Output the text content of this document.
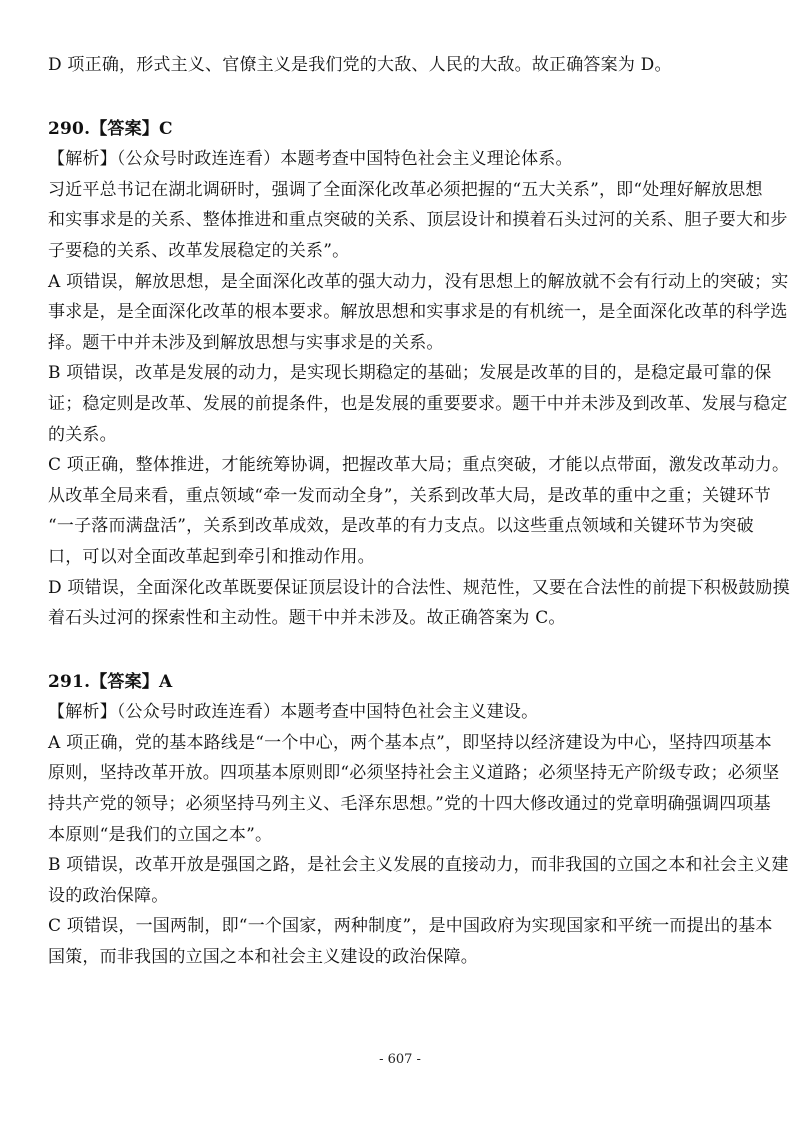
D 项正确，形式主义、官僚主义是我们党的大敌、人民的大敌。故正确答案为 D。
290.【答案】C
【解析】（公众号时政连连看）本题考查中国特色社会主义理论体系。
习近平总书记在湖北调研时，强调了全面深化改革必须把握的“五大关系”，即“处理好解放思想
和实事求是的关系、整体推进和重点突破的关系、顶层设计和摸着石头过河的关系、胆子要大和步
子要稳的关系、改革发展稳定的关系”。
A 项错误，解放思想，是全面深化改革的强大动力，没有思想上的解放就不会有行动上的突破；实
事求是，是全面深化改革的根本要求。解放思想和实事求是的有机统一，是全面深化改革的科学选
择。题干中并未涉及到解放思想与实事求是的关系。
B 项错误，改革是发展的动力，是实现长期稳定的基础；发展是改革的目的，是稳定最可靠的保
证；稳定则是改革、发展的前提条件，也是发展的重要要求。题干中并未涉及到改革、发展与稳定
的关系。
C 项正确，整体推进，才能统筹协调，把握改革大局；重点突破，才能以点带面，激发改革动力。
从改革全局来看，重点领域“牵一发而动全身”，关系到改革大局，是改革的重中之重；关键环节
“一子落而满盘活”，关系到改革成效，是改革的有力支点。以这些重点领域和关键环节为突破
口，可以对全面改革起到牵引和推动作用。
D 项错误，全面深化改革既要保证顶层设计的合法性、规范性，又要在合法性的前提下积极鼓励摸
着石头过河的探索性和主动性。题干中并未涉及。故正确答案为 C。
291.【答案】A
【解析】（公众号时政连连看）本题考查中国特色社会主义建设。
A 项正确，党的基本路线是“一个中心，两个基本点”，即坚持以经济建设为中心，坚持四项基本
原则，坚持改革开放。四项基本原则即“必须坚持社会主义道路；必须坚持无产阶级专政；必须坚
持共产党的领导；必须坚持马列主义、毛泽东思想。”党的十四大修改通过的党章明确强调四项基
本原则“是我们的立国之本”。
B 项错误，改革开放是强国之路，是社会主义发展的直接动力，而非我国的立国之本和社会主义建
设的政治保障。
C 项错误，一国两制，即“一个国家，两种制度”，是中国政府为实现国家和平统一而提出的基本
国策，而非我国的立国之本和社会主义建设的政治保障。
- 607 -
